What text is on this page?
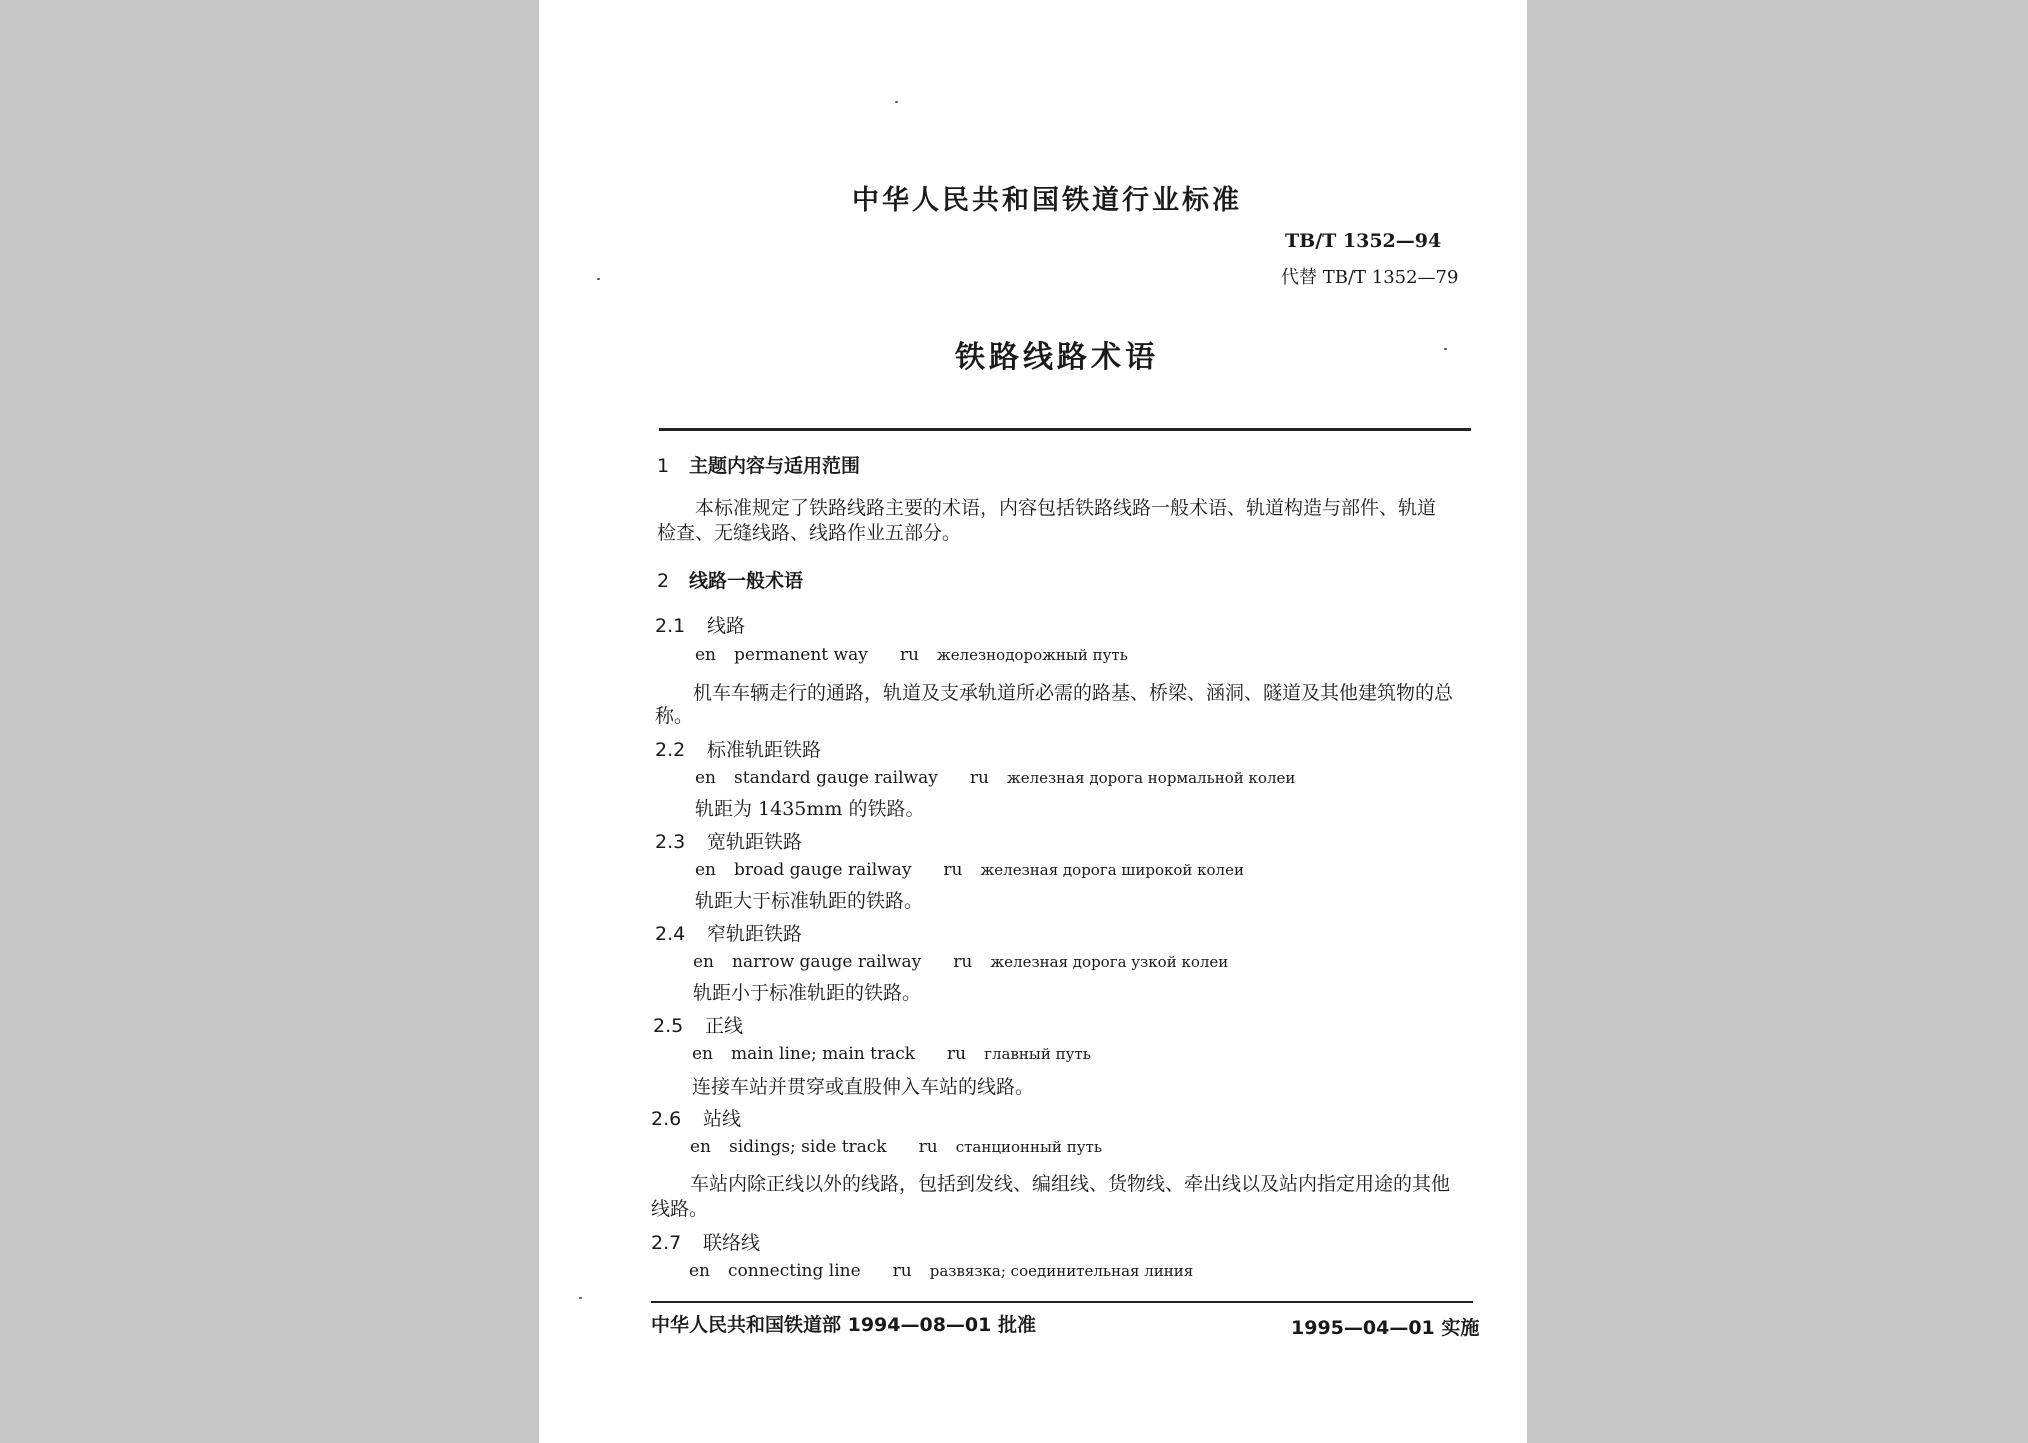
中华人民共和国铁道行业标准
TB/T 1352—94
代替 TB/T 1352—79
铁路线路术语
1 主题内容与适用范围
本标准规定了铁路线路主要的术语，内容包括铁路线路一般术语、轨道构造与部件、轨道
检查、无缝线路、线路作业五部分。
2 线路一般术语
2.1 线路
en permanent way ru железнодорожный путь
机车车辆走行的通路，轨道及支承轨道所必需的路基、桥梁、涵洞、隧道及其他建筑物的总
称。
2.2 标准轨距铁路
en standard gauge railway ru железная дорога нормальной колеи
轨距为 1435mm 的铁路。
2.3 宽轨距铁路
en broad gauge railway ru железная дорога широкой колеи
轨距大于标准轨距的铁路。
2.4 窄轨距铁路
en narrow gauge railway ru железная дорога узкой колеи
轨距小于标准轨距的铁路。
2.5 正线
en main line; main track ru главный путь
连接车站并贯穿或直股伸入车站的线路。
2.6 站线
en sidings; side track ru станционный путь
车站内除正线以外的线路，包括到发线、编组线、货物线、牵出线以及站内指定用途的其他
线路。
2.7 联络线
en connecting line ru развязка; соединительная линия
中华人民共和国铁道部 1994—08—01 批准	1995—04—01 实施
